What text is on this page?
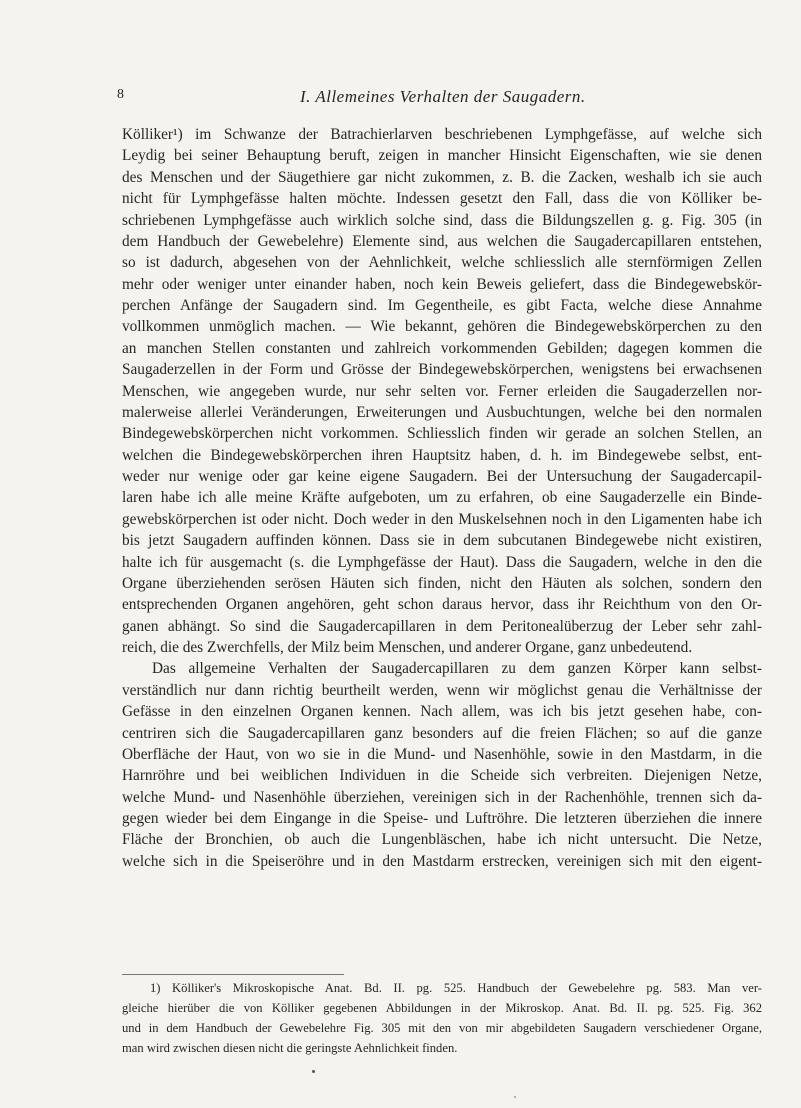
8	I. Allemeines Verhalten der Saugadern.
Kölliker¹) im Schwanze der Batrachierlarven beschriebenen Lymphgefässe, auf welche sich
Leydig bei seiner Behauptung beruft, zeigen in mancher Hinsicht Eigenschaften, wie sie denen
des Menschen und der Säugethiere gar nicht zukommen, z. B. die Zacken, weshalb ich sie auch
nicht für Lymphgefässe halten möchte. Indessen gesetzt den Fall, dass die von Kölliker be-
schriebenen Lymphgefässe auch wirklich solche sind, dass die Bildungszellen g. g. Fig. 305 (in
dem Handbuch der Gewebelehre) Elemente sind, aus welchen die Saugadercapillaren entstehen,
so ist dadurch, abgesehen von der Aehnlichkeit, welche schliesslich alle sternförmigen Zellen
mehr oder weniger unter einander haben, noch kein Beweis geliefert, dass die Bindegewebskör-
perchen Anfänge der Saugadern sind. Im Gegentheile, es gibt Facta, welche diese Annahme
vollkommen unmöglich machen. — Wie bekannt, gehören die Bindegewebskörperchen zu den
an manchen Stellen constanten und zahlreich vorkommenden Gebilden; dagegen kommen die
Saugaderzellen in der Form und Grösse der Bindegewebskörperchen, wenigstens bei erwachsenen
Menschen, wie angegeben wurde, nur sehr selten vor. Ferner erleiden die Saugaderzellen nor-
malerweise allerlei Veränderungen, Erweiterungen und Ausbuchtungen, welche bei den normalen
Bindegewebskörperchen nicht vorkommen. Schliesslich finden wir gerade an solchen Stellen, an
welchen die Bindegewebskörperchen ihren Hauptsitz haben, d. h. im Bindegewebe selbst, ent-
weder nur wenige oder gar keine eigene Saugadern. Bei der Untersuchung der Saugadercapil-
laren habe ich alle meine Kräfte aufgeboten, um zu erfahren, ob eine Saugaderzelle ein Binde-
gewebskörperchen ist oder nicht. Doch weder in den Muskelsehnen noch in den Ligamenten habe ich
bis jetzt Saugadern auffinden können. Dass sie in dem subcutanen Bindegewebe nicht existiren,
halte ich für ausgemacht (s. die Lymphgefässe der Haut). Dass die Saugadern, welche in den die
Organe überziehenden serösen Häuten sich finden, nicht den Häuten als solchen, sondern den
entsprechenden Organen angehören, geht schon daraus hervor, dass ihr Reichthum von den Or-
ganen abhängt. So sind die Saugadercapillaren in dem Peritonealüberzug der Leber sehr zahl-
reich, die des Zwerchfells, der Milz beim Menschen, und anderer Organe, ganz unbedeutend.
Das allgemeine Verhalten der Saugadercapillaren zu dem ganzen Körper kann selbst-
verständlich nur dann richtig beurtheilt werden, wenn wir möglichst genau die Verhältnisse der
Gefässe in den einzelnen Organen kennen. Nach allem, was ich bis jetzt gesehen habe, con-
centriren sich die Saugadercapillaren ganz besonders auf die freien Flächen; so auf die ganze
Oberfläche der Haut, von wo sie in die Mund- und Nasenhöhle, sowie in den Mastdarm, in die
Harnröhre und bei weiblichen Individuen in die Scheide sich verbreiten. Diejenigen Netze,
welche Mund- und Nasenhöhle überziehen, vereinigen sich in der Rachenhöhle, trennen sich da-
gegen wieder bei dem Eingange in die Speise- und Luftröhre. Die letzteren überziehen die innere
Fläche der Bronchien, ob auch die Lungenbläschen, habe ich nicht untersucht. Die Netze,
welche sich in die Speiseröhre und in den Mastdarm erstrecken, vereinigen sich mit den eigent-
1) Kölliker's Mikroskopische Anat. Bd. II. pg. 525. Handbuch der Gewebelehre pg. 583. Man ver-
gleiche hierüber die von Kölliker gegebenen Abbildungen in der Mikroskop. Anat. Bd. II. pg. 525. Fig. 362
und in dem Handbuch der Gewebelehre Fig. 305 mit den von mir abgebildeten Saugadern verschiedener Organe,
man wird zwischen diesen nicht die geringste Aehnlichkeit finden.
